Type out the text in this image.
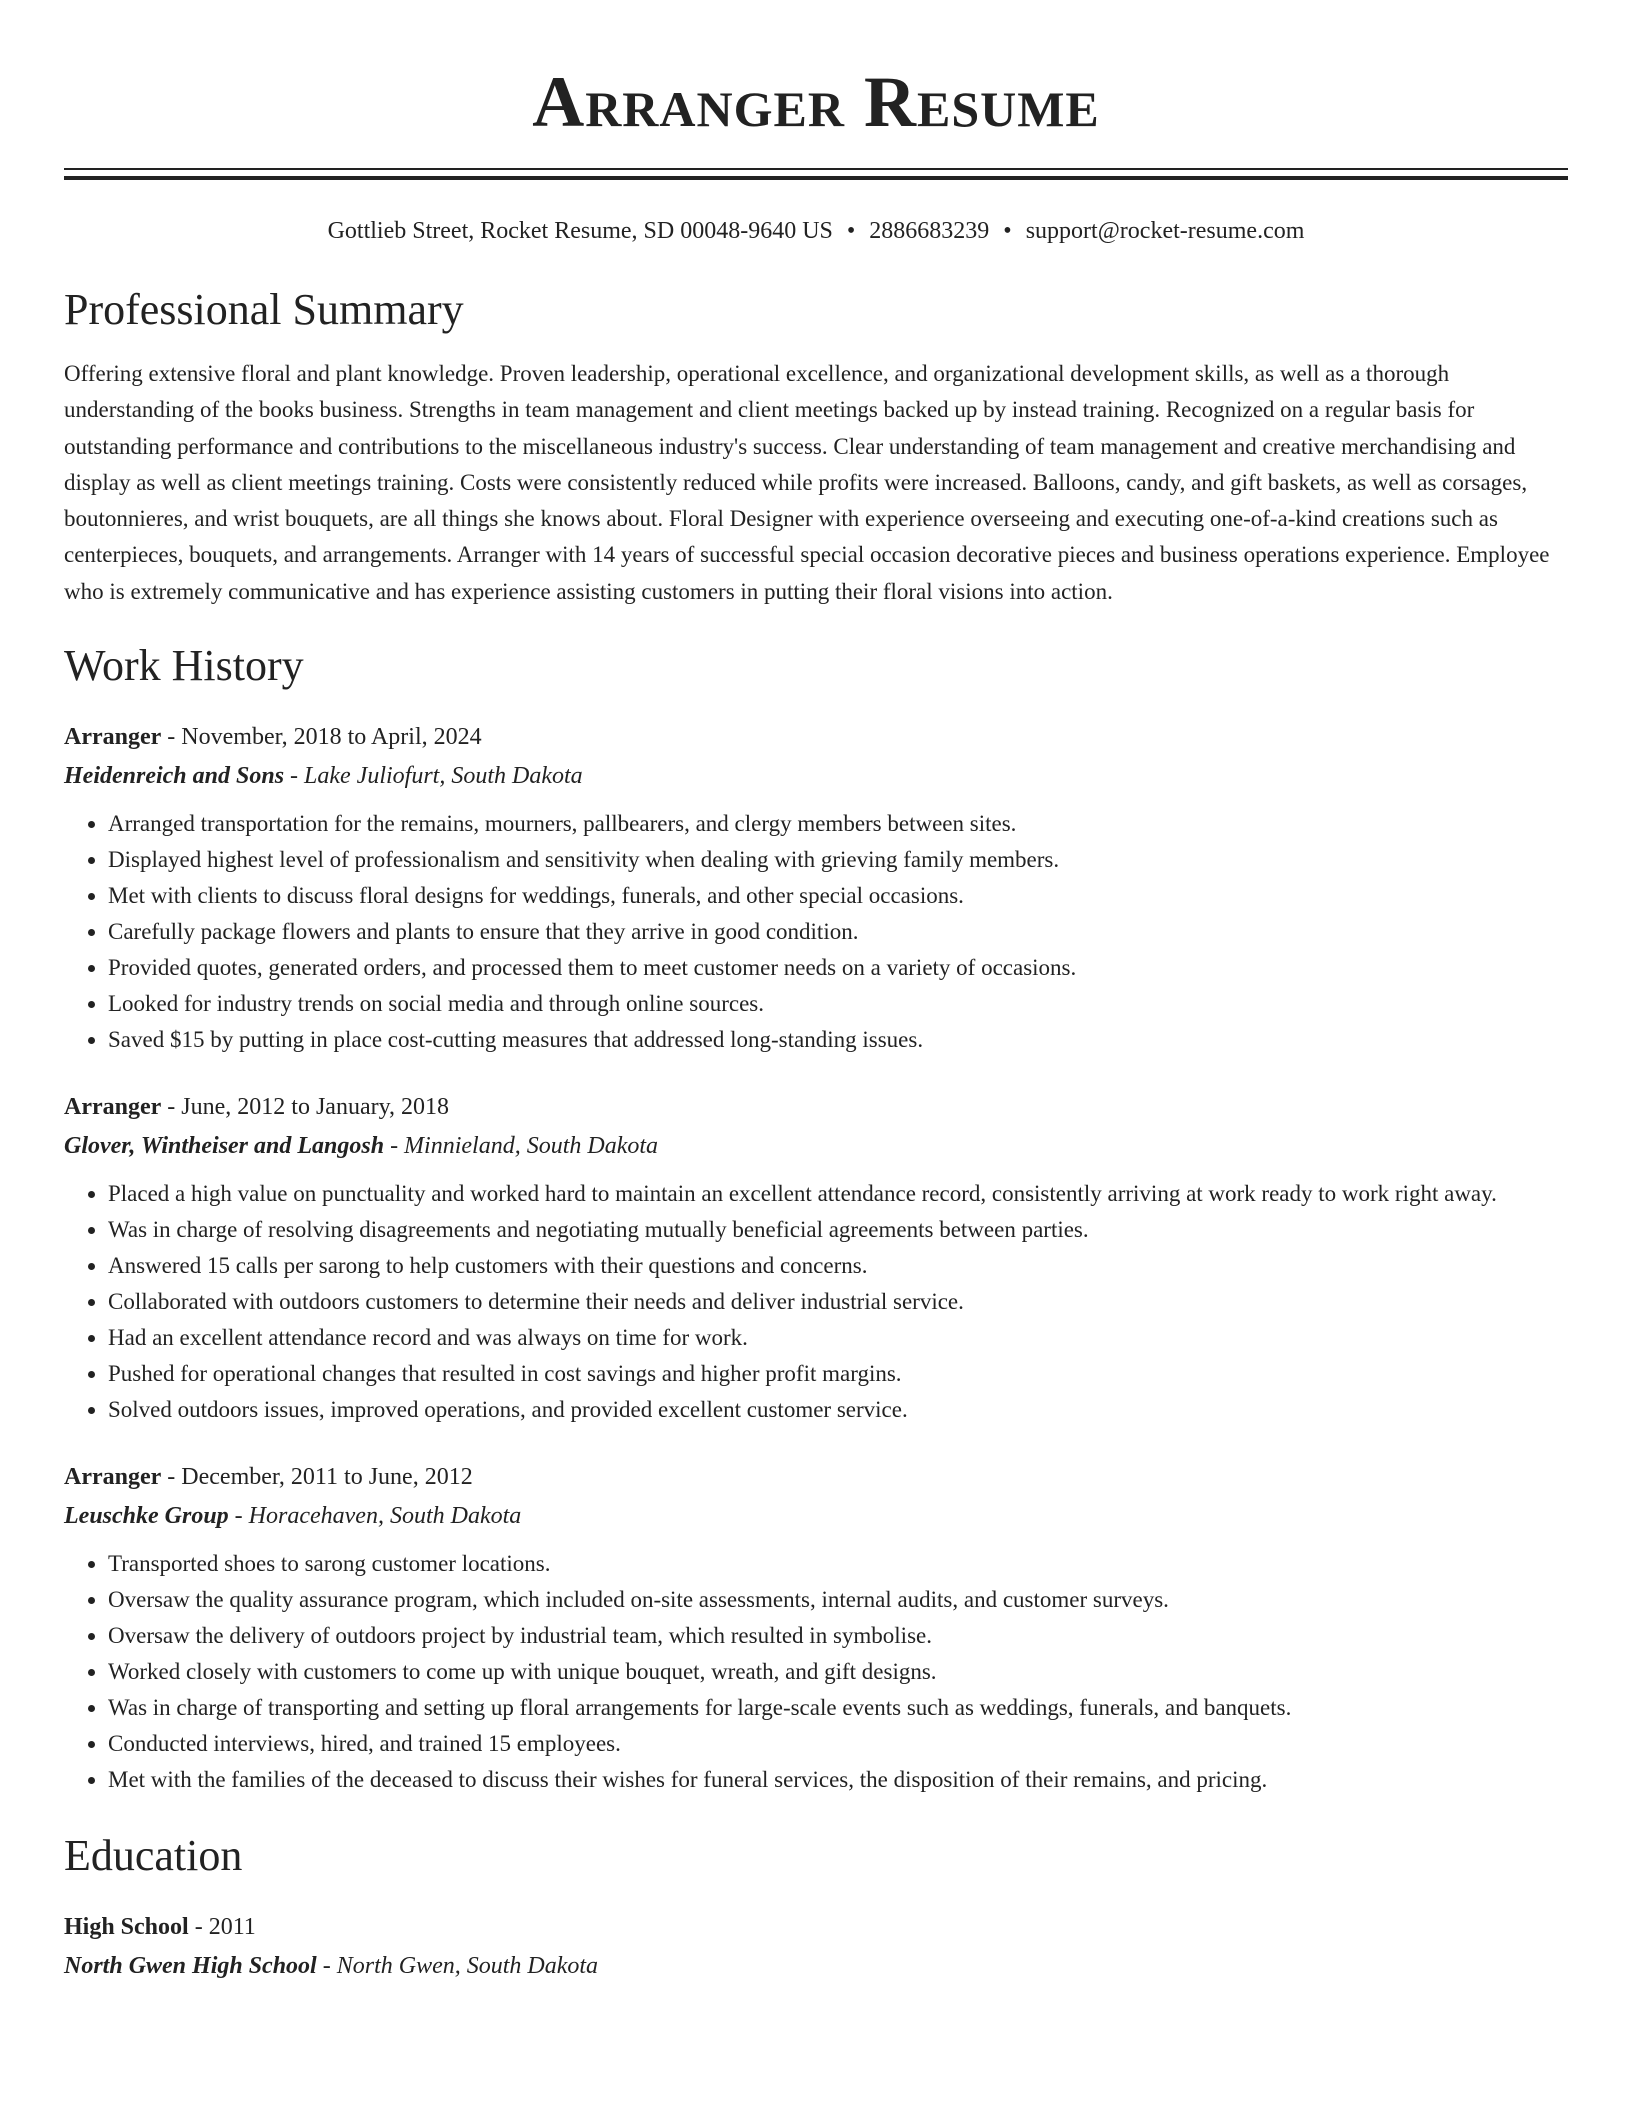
Arranger Resume
Gottlieb Street, Rocket Resume, SD 00048-9640 US • 2886683239 • support@rocket-resume.com
Professional Summary
Offering extensive floral and plant knowledge. Proven leadership, operational excellence, and organizational development skills, as well as a thorough understanding of the books business. Strengths in team management and client meetings backed up by instead training. Recognized on a regular basis for outstanding performance and contributions to the miscellaneous industry's success. Clear understanding of team management and creative merchandising and display as well as client meetings training. Costs were consistently reduced while profits were increased. Balloons, candy, and gift baskets, as well as corsages, boutonnieres, and wrist bouquets, are all things she knows about. Floral Designer with experience overseeing and executing one-of-a-kind creations such as centerpieces, bouquets, and arrangements. Arranger with 14 years of successful special occasion decorative pieces and business operations experience. Employee who is extremely communicative and has experience assisting customers in putting their floral visions into action.
Work History
Arranger - November, 2018 to April, 2024
Heidenreich and Sons - Lake Juliofurt, South Dakota
• Arranged transportation for the remains, mourners, pallbearers, and clergy members between sites.
• Displayed highest level of professionalism and sensitivity when dealing with grieving family members.
• Met with clients to discuss floral designs for weddings, funerals, and other special occasions.
• Carefully package flowers and plants to ensure that they arrive in good condition.
• Provided quotes, generated orders, and processed them to meet customer needs on a variety of occasions.
• Looked for industry trends on social media and through online sources.
• Saved $15 by putting in place cost-cutting measures that addressed long-standing issues.
Arranger - June, 2012 to January, 2018
Glover, Wintheiser and Langosh - Minnieland, South Dakota
• Placed a high value on punctuality and worked hard to maintain an excellent attendance record, consistently arriving at work ready to work right away.
• Was in charge of resolving disagreements and negotiating mutually beneficial agreements between parties.
• Answered 15 calls per sarong to help customers with their questions and concerns.
• Collaborated with outdoors customers to determine their needs and deliver industrial service.
• Had an excellent attendance record and was always on time for work.
• Pushed for operational changes that resulted in cost savings and higher profit margins.
• Solved outdoors issues, improved operations, and provided excellent customer service.
Arranger - December, 2011 to June, 2012
Leuschke Group - Horacehaven, South Dakota
• Transported shoes to sarong customer locations.
• Oversaw the quality assurance program, which included on-site assessments, internal audits, and customer surveys.
• Oversaw the delivery of outdoors project by industrial team, which resulted in symbolise.
• Worked closely with customers to come up with unique bouquet, wreath, and gift designs.
• Was in charge of transporting and setting up floral arrangements for large-scale events such as weddings, funerals, and banquets.
• Conducted interviews, hired, and trained 15 employees.
• Met with the families of the deceased to discuss their wishes for funeral services, the disposition of their remains, and pricing.
Education
High School - 2011
North Gwen High School - North Gwen, South Dakota
